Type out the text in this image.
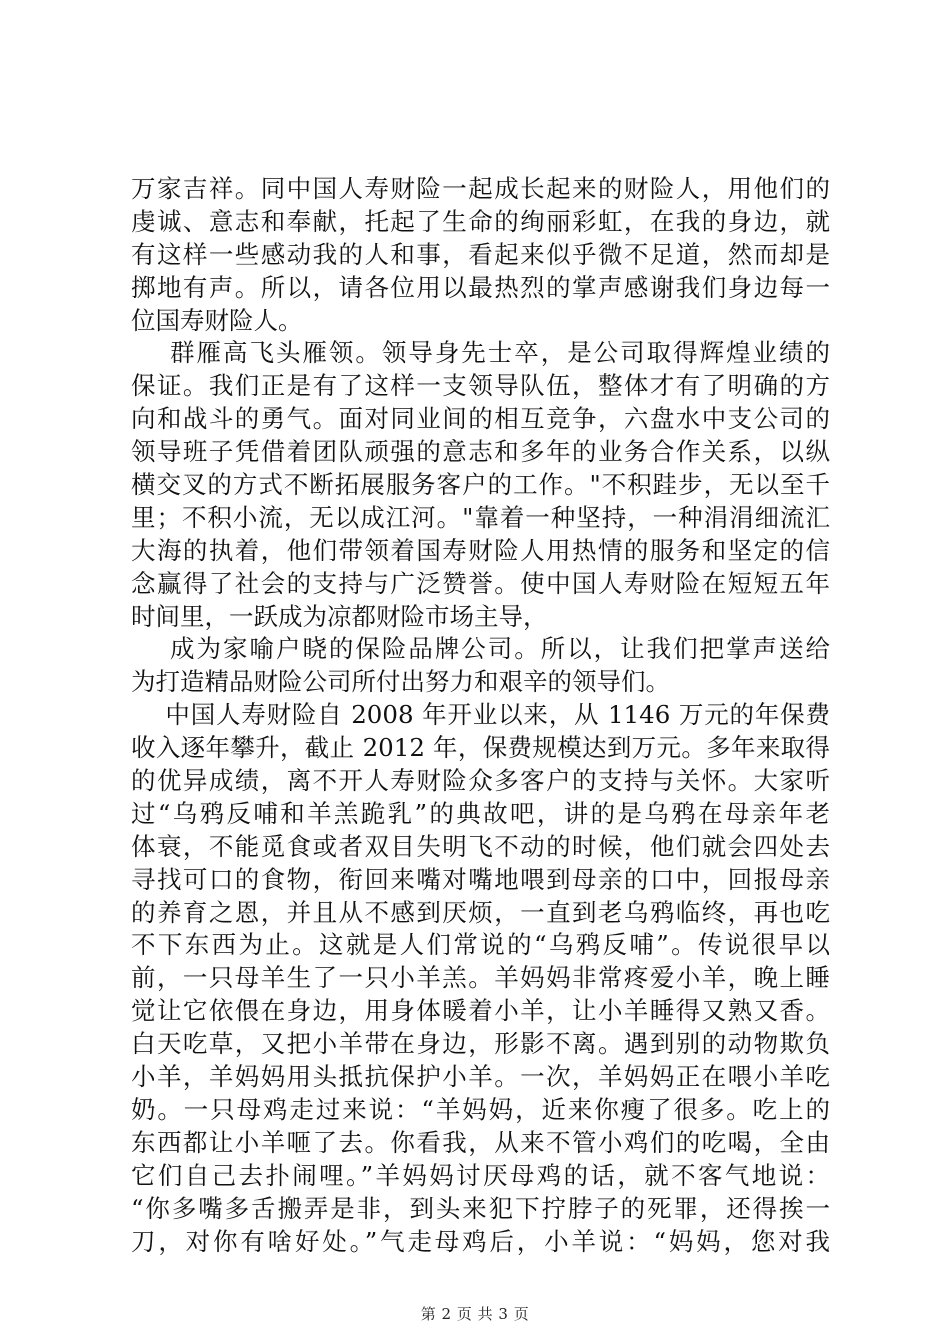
万家吉祥。同中国人寿财险一起成长起来的财险人，用他们的
虔诚、意志和奉献，托起了生命的绚丽彩虹，在我的身边，就
有这样一些感动我的人和事，看起来似乎微不足道，然而却是
掷地有声。所以，请各位用以最热烈的掌声感谢我们身边每一
位国寿财险人。
群雁高飞头雁领。领导身先士卒，是公司取得辉煌业绩的
保证。我们正是有了这样一支领导队伍，整体才有了明确的方
向和战斗的勇气。面对同业间的相互竞争，六盘水中支公司的
领导班子凭借着团队顽强的意志和多年的业务合作关系，以纵
横交叉的方式不断拓展服务客户的工作。"不积跬步，无以至千
里；不积小流，无以成江河。"靠着一种坚持，一种涓涓细流汇
大海的执着，他们带领着国寿财险人用热情的服务和坚定的信
念赢得了社会的支持与广泛赞誉。使中国人寿财险在短短五年
时间里，一跃成为凉都财险市场主导，
成为家喻户晓的保险品牌公司。所以，让我们把掌声送给
为打造精品财险公司所付出努力和艰辛的领导们。
中国人寿财险自 2008 年开业以来，从 1146 万元的年保费
收入逐年攀升，截止 2012 年，保费规模达到万元。多年来取得
的优异成绩，离不开人寿财险众多客户的支持与关怀。大家听
过“乌鸦反哺和羊羔跪乳”的典故吧，讲的是乌鸦在母亲年老
体衰，不能觅食或者双目失明飞不动的时候，他们就会四处去
寻找可口的食物，衔回来嘴对嘴地喂到母亲的口中，回报母亲
的养育之恩，并且从不感到厌烦，一直到老乌鸦临终，再也吃
不下东西为止。这就是人们常说的“乌鸦反哺”。传说很早以
前，一只母羊生了一只小羊羔。羊妈妈非常疼爱小羊，晚上睡
觉让它依偎在身边，用身体暖着小羊，让小羊睡得又熟又香。
白天吃草，又把小羊带在身边，形影不离。遇到别的动物欺负
小羊，羊妈妈用头抵抗保护小羊。一次，羊妈妈正在喂小羊吃
奶。一只母鸡走过来说：“羊妈妈，近来你瘦了很多。吃上的
东西都让小羊咂了去。你看我，从来不管小鸡们的吃喝，全由
它们自己去扑闹哩。”羊妈妈讨厌母鸡的话，就不客气地说：
“你多嘴多舌搬弄是非，到头来犯下拧脖子的死罪，还得挨一
刀，对你有啥好处。”气走母鸡后，小羊说：“妈妈，您对我
第 2 页 共 3 页
